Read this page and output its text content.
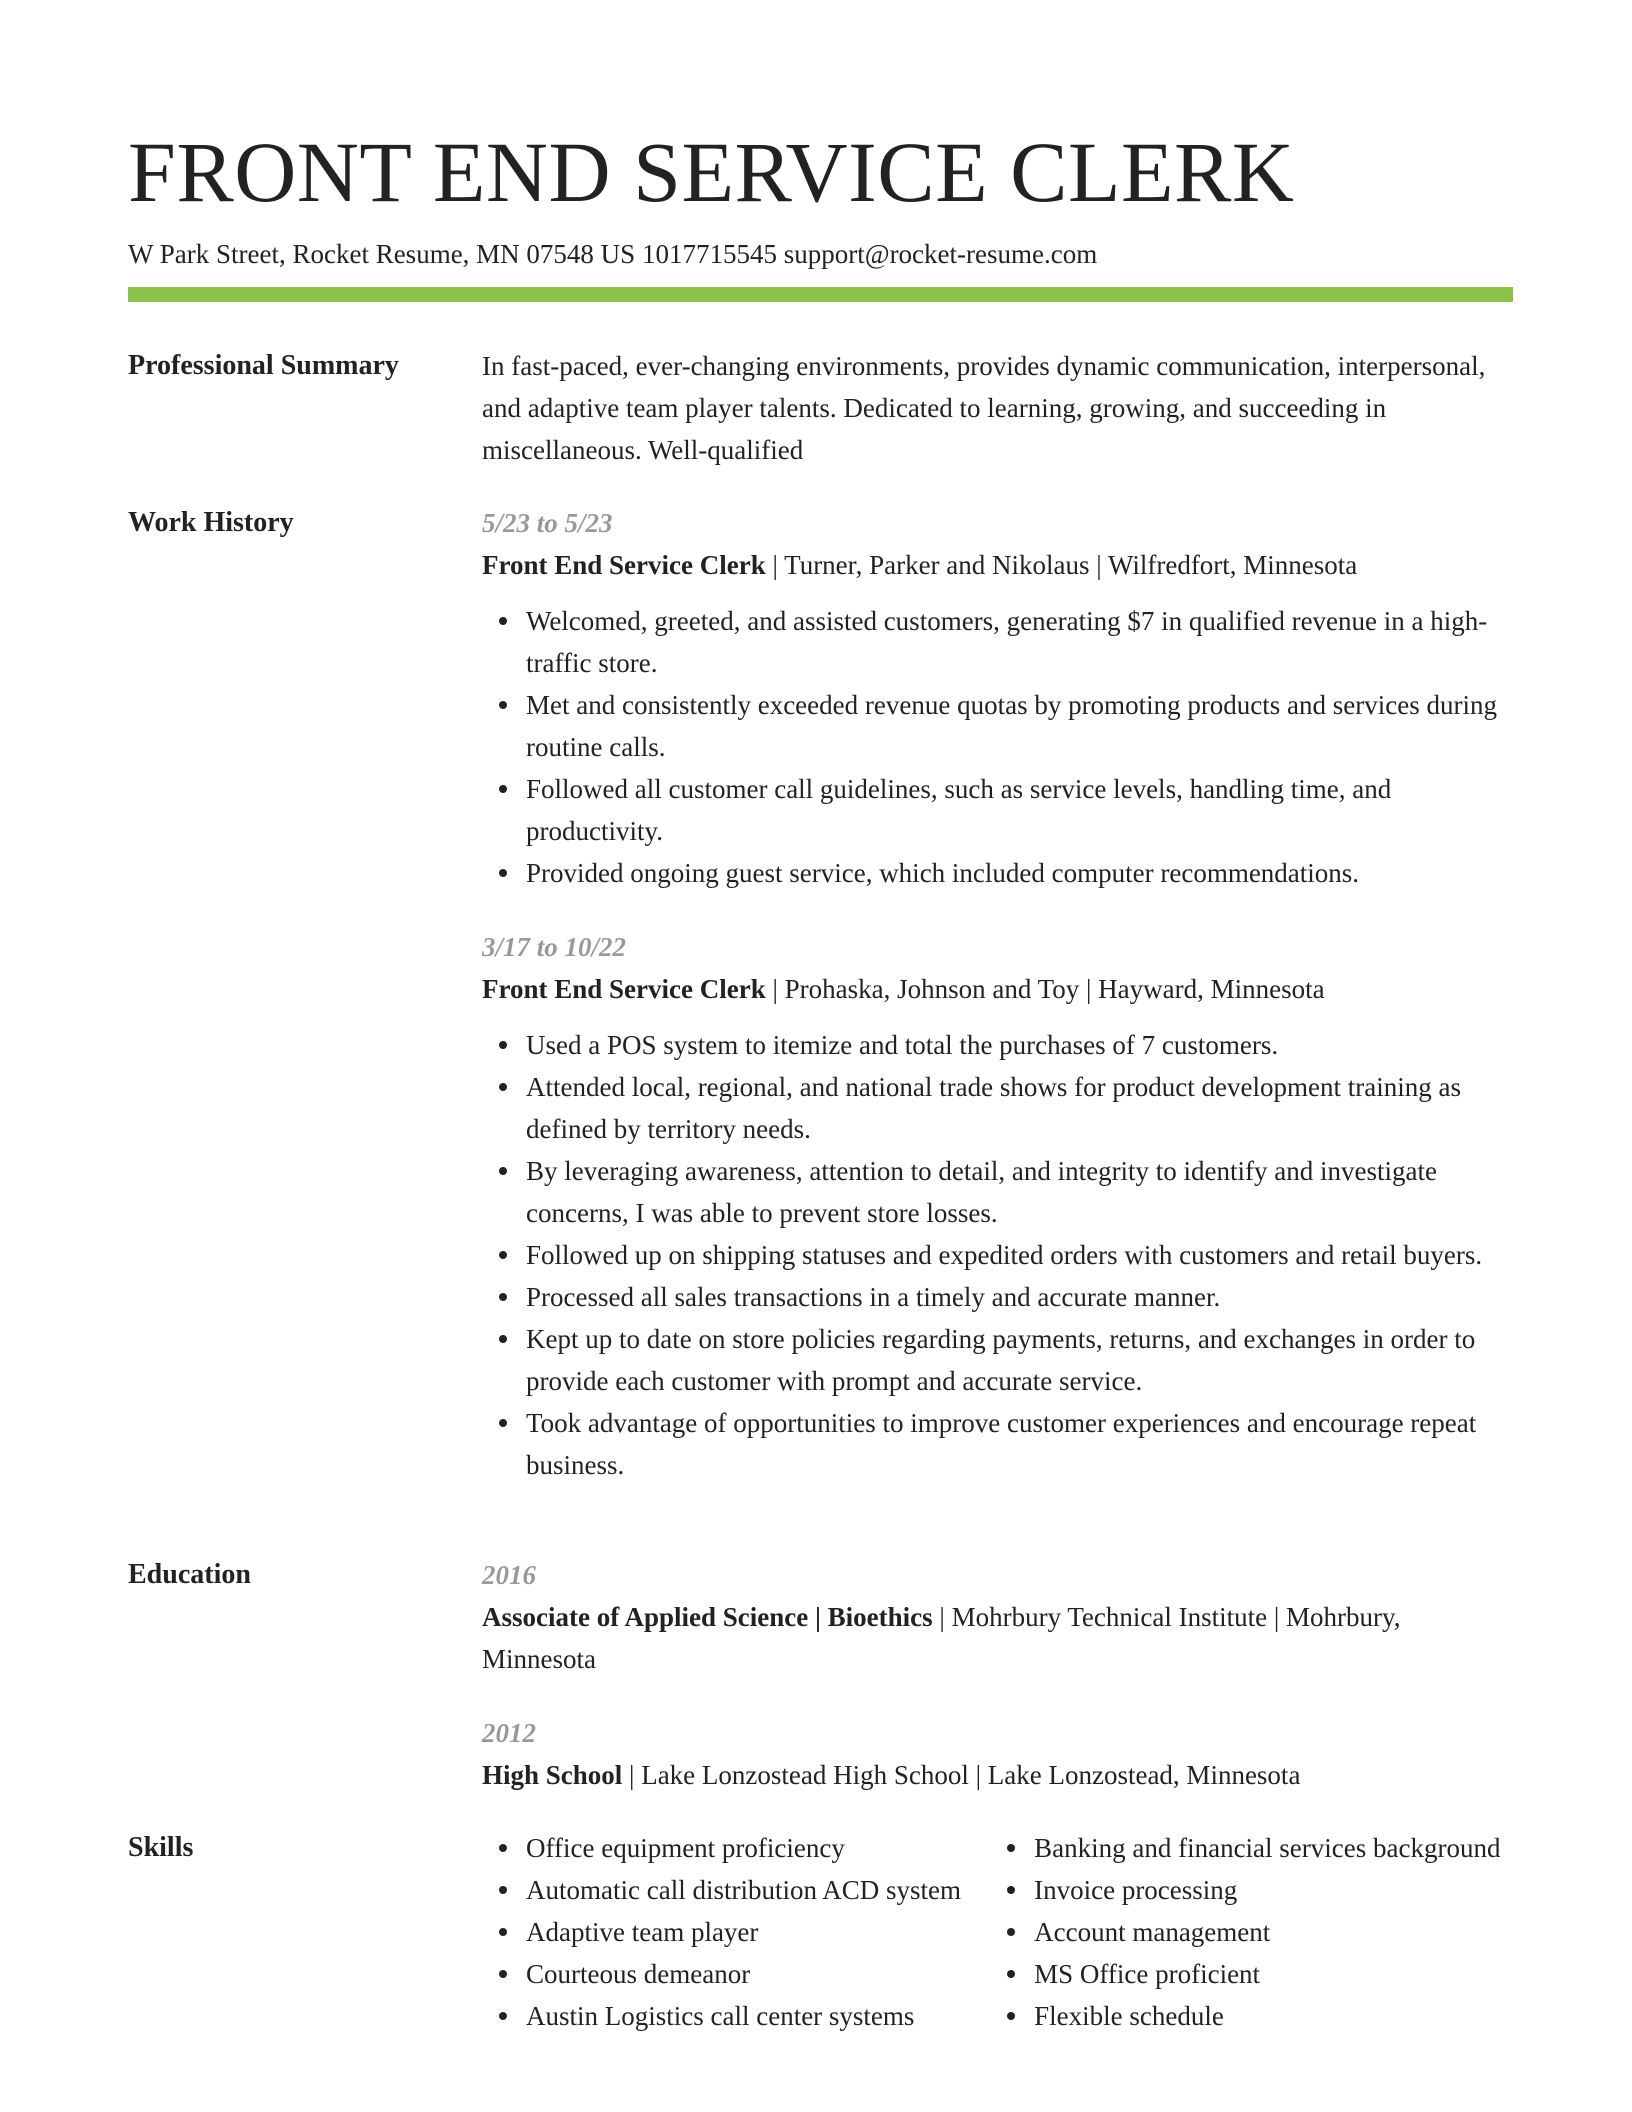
FRONT END SERVICE CLERK
W Park Street, Rocket Resume, MN 07548 US 1017715545 support@rocket-resume.com
Professional Summary	In fast-paced, ever-changing environments, provides dynamic communication, interpersonal, and adaptive team player talents. Dedicated to learning, growing, and succeeding in miscellaneous. Well-qualified

Work History	5/23 to 5/23
Front End Service Clerk | Turner, Parker and Nikolaus | Wilfredfort, Minnesota
Welcomed, greeted, and assisted customers, generating $7 in qualified revenue in a high-traffic store.
Met and consistently exceeded revenue quotas by promoting products and services during routine calls.
Followed all customer call guidelines, such as service levels, handling time, and productivity.
Provided ongoing guest service, which included computer recommendations.
3/17 to 10/22
Front End Service Clerk | Prohaska, Johnson and Toy | Hayward, Minnesota
Used a POS system to itemize and total the purchases of 7 customers.
Attended local, regional, and national trade shows for product development training as defined by territory needs.
By leveraging awareness, attention to detail, and integrity to identify and investigate concerns, I was able to prevent store losses.
Followed up on shipping statuses and expedited orders with customers and retail buyers.
Processed all sales transactions in a timely and accurate manner.
Kept up to date on store policies regarding payments, returns, and exchanges in order to provide each customer with prompt and accurate service.
Took advantage of opportunities to improve customer experiences and encourage repeat business.
Education	2016
Associate of Applied Science | Bioethics | Mohrbury Technical Institute | Mohrbury, Minnesota
2012
High School | Lake Lonzostead High School | Lake Lonzostead, Minnesota
Skills	Office equipment proficiency
Automatic call distribution ACD system
Adaptive team player
Courteous demeanor
Austin Logistics call center systems
Banking and financial services background
Invoice processing
Account management
MS Office proficient
Flexible schedule
